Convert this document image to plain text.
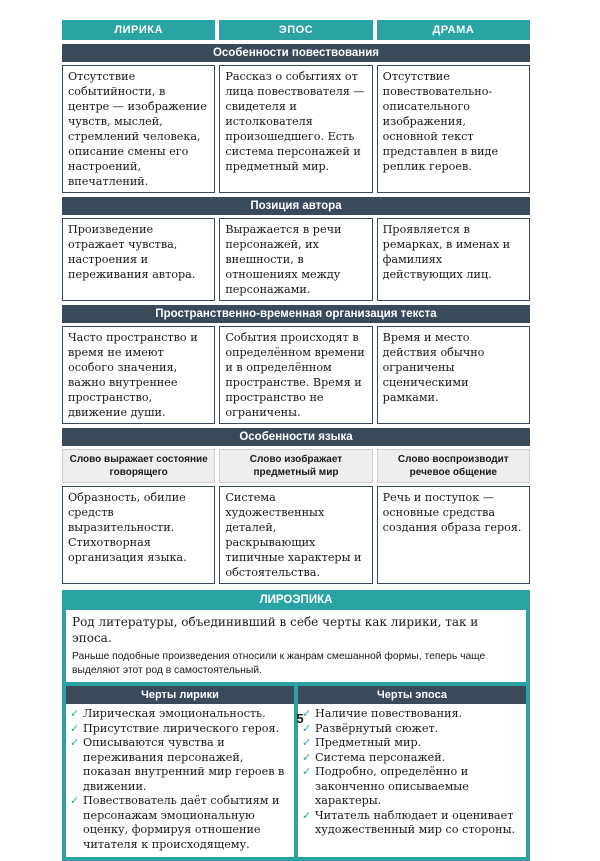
ЛИРИКА	ЭПОС	ДРАМА
Особенности повествования
Отсутствие событийности, в центре — изображение чувств, мыслей, стремлений человека, описание смены его настроений, впечатлений.
Рассказ о событиях от лица повествователя — свидетеля и истолкователя произошедшего. Есть система персонажей и предметный мир.
Отсутствие повествовательно-описательного изображения, основной текст представлен в виде реплик героев.
Позиция автора
Произведение отражает чувства, настроения и переживания автора.
Выражается в речи персонажей, их внешности, в отношениях между персонажами.
Проявляется в ремарках, в именах и фамилиях действующих лиц.
Пространственно-временная организация текста
Часто пространство и время не имеют особого значения, важно внутреннее пространство, движение души.
События происходят в определённом времени и в определённом пространстве. Время и пространство не ограничены.
Время и место действия обычно ограничены сценическими рамками.
Особенности языка
Слово выражает состояние говорящего
Слово изображает предметный мир
Слово воспроизводит речевое общение
Образность, обилие средств выразительности. Стихотворная организация языка.
Система художественных деталей, раскрывающих типичные характеры и обстоятельства.
Речь и поступок — основные средства создания образа героя.
ЛИРОЭПИКА
Род литературы, объединивший в себе черты как лирики, так и эпоса.
Раньше подобные произведения относили к жанрам смешанной формы, теперь чаще выделяют этот род в самостоятельный.
Черты лирики
✓ Лирическая эмоциональность.
✓ Присутствие лирического героя.
✓ Описываются чувства и переживания персонажей, показан внутренний мир героев в движении.
✓ Повествователь даёт событиям и персонажам эмоциональную оценку, формируя отношение читателя к происходящему.
Черты эпоса
✓ Наличие повествования.
✓ Развёрнутый сюжет.
✓ Предметный мир.
✓ Система персонажей.
✓ Подробно, определённо и законченно описываемые характеры.
✓ Читатель наблюдает и оценивает художественный мир со стороны.
5
